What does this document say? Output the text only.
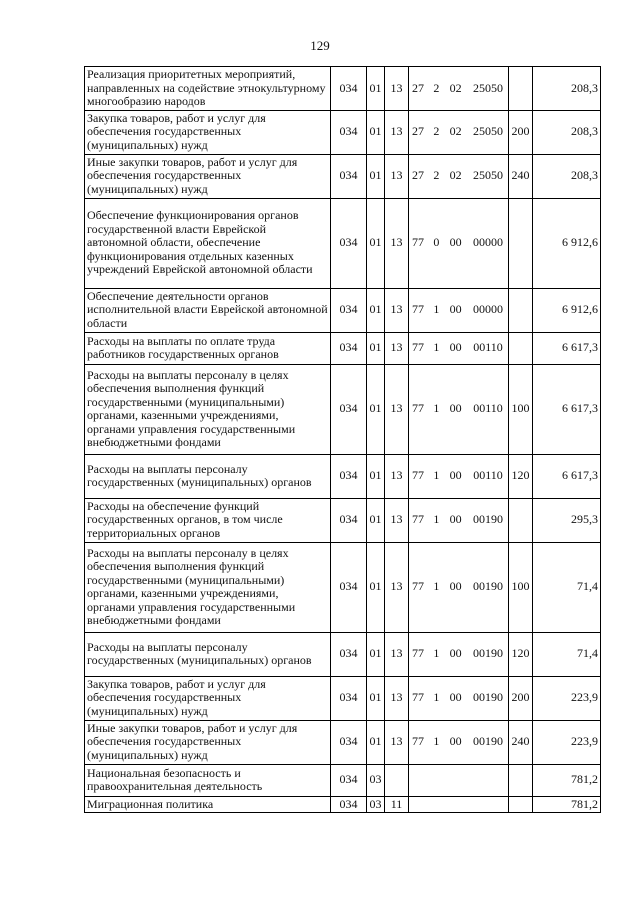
129
Реализация приоритетных мероприятий, направленных на содействие этнокультурному многообразию народов	034	01	13	27 2 02 25050		208,3
Закупка товаров, работ и услуг для обеспечения государственных (муниципальных) нужд	034	01	13	27 2 02 25050	200	208,3
Иные закупки товаров, работ и услуг для обеспечения государственных (муниципальных) нужд	034	01	13	27 2 02 25050	240	208,3
Обеспечение функционирования органов государственной власти Еврейской автономной области, обеспечение функционирования отдельных казенных учреждений Еврейской автономной области	034	01	13	77 0 00 00000		6 912,6
Обеспечение деятельности органов исполнительной власти Еврейской автономной области	034	01	13	77 1 00 00000		6 912,6
Расходы на выплаты по оплате труда работников государственных органов	034	01	13	77 1 00 00110		6 617,3
Расходы на выплаты персоналу в целях обеспечения выполнения функций государственными (муниципальными) органами, казенными учреждениями, органами управления государственными внебюджетными фондами	034	01	13	77 1 00 00110	100	6 617,3
Расходы на выплаты персоналу государственных (муниципальных) органов	034	01	13	77 1 00 00110	120	6 617,3
Расходы на обеспечение функций государственных органов, в том числе территориальных органов	034	01	13	77 1 00 00190		295,3
Расходы на выплаты персоналу в целях обеспечения выполнения функций государственными (муниципальными) органами, казенными учреждениями, органами управления государственными внебюджетными фондами	034	01	13	77 1 00 00190	100	71,4
Расходы на выплаты персоналу государственных (муниципальных) органов	034	01	13	77 1 00 00190	120	71,4
Закупка товаров, работ и услуг для обеспечения государственных (муниципальных) нужд	034	01	13	77 1 00 00190	200	223,9
Иные закупки товаров, работ и услуг для обеспечения государственных (муниципальных) нужд	034	01	13	77 1 00 00190	240	223,9
Национальная безопасность и правоохранительная деятельность	034	03				781,2
Миграционная политика	034	03	11			781,2
